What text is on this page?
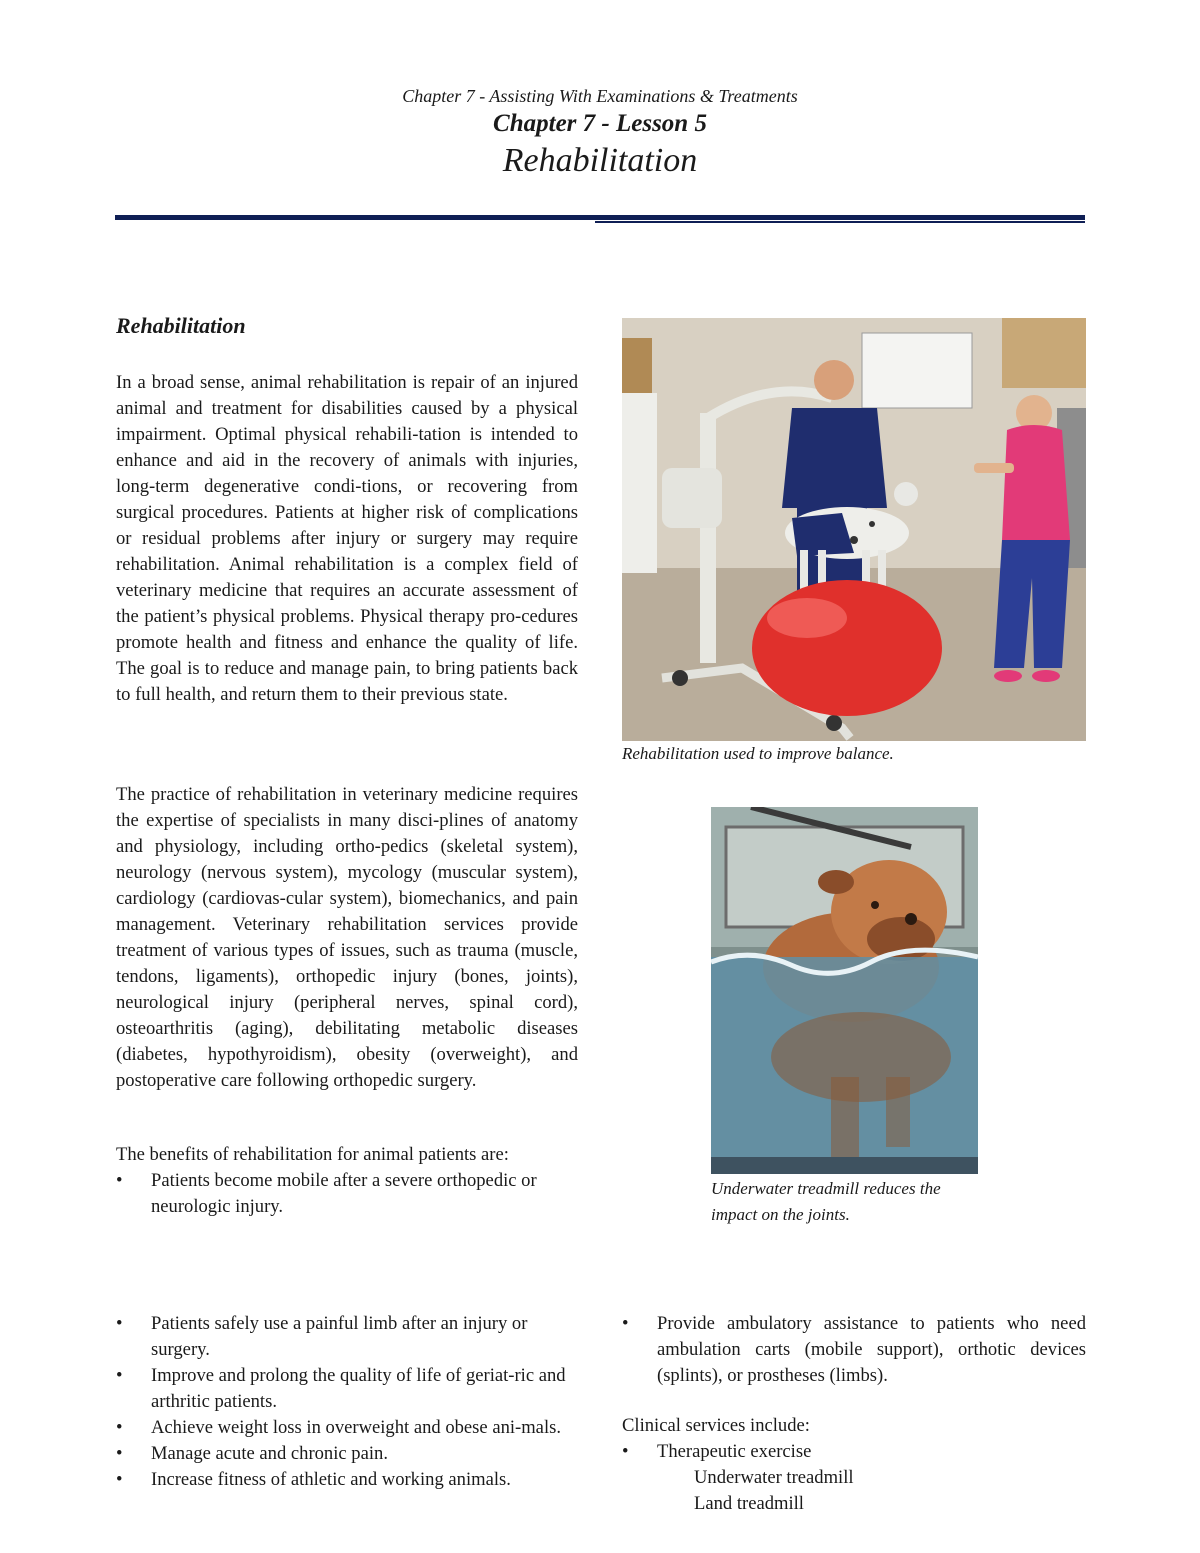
Chapter 7 - Assisting With Examinations & Treatments
Chapter 7 - Lesson 5
Rehabilitation
Rehabilitation

In a broad sense, animal rehabilitation is repair of an injured animal and treatment for disabilities caused by a physical impairment. Optimal physical rehabili-tation is intended to enhance and aid in the recovery of animals with injuries, long-term degenerative condi-tions, or recovering from surgical procedures. Patients at higher risk of complications or residual problems after injury or surgery may require rehabilitation. Animal rehabilitation is a complex field of veterinary medicine that requires an accurate assessment of the patient’s physical problems. Physical therapy pro-cedures promote health and fitness and enhance the quality of life. The goal is to reduce and manage pain, to bring patients back to full health, and return them to their previous state.

The practice of rehabilitation in veterinary medicine requires the expertise of specialists in many disci-plines of anatomy and physiology, including ortho-pedics (skeletal system), neurology (nervous system), mycology (muscular system), cardiology (cardiovas-cular system), biomechanics, and pain management. Veterinary rehabilitation services provide treatment of various types of issues, such as trauma (muscle, tendons, ligaments), orthopedic injury (bones, joints), neurological injury (peripheral nerves, spinal cord), osteoarthritis (aging), debilitating metabolic diseases (diabetes, hypothyroidism), obesity (overweight), and postoperative care following orthopedic surgery.

The benefits of rehabilitation for animal patients are:
• Patients become mobile after a severe orthopedic or neurologic injury.
• Patients safely use a painful limb after an injury or surgery.
• Improve and prolong the quality of life of geriat-ric and arthritic patients.
• Achieve weight loss in overweight and obese ani-mals.
• Manage acute and chronic pain.
• Increase fitness of athletic and working animals.
• Provide ambulatory assistance to patients who need ambulation carts (mobile support), orthotic devices (splints), or prostheses (limbs).
Clinical services include:
• Therapeutic exercise
Underwater treadmill
Land treadmill
Rehabilitation used to improve balance.
Underwater treadmill reduces the impact on the joints.
